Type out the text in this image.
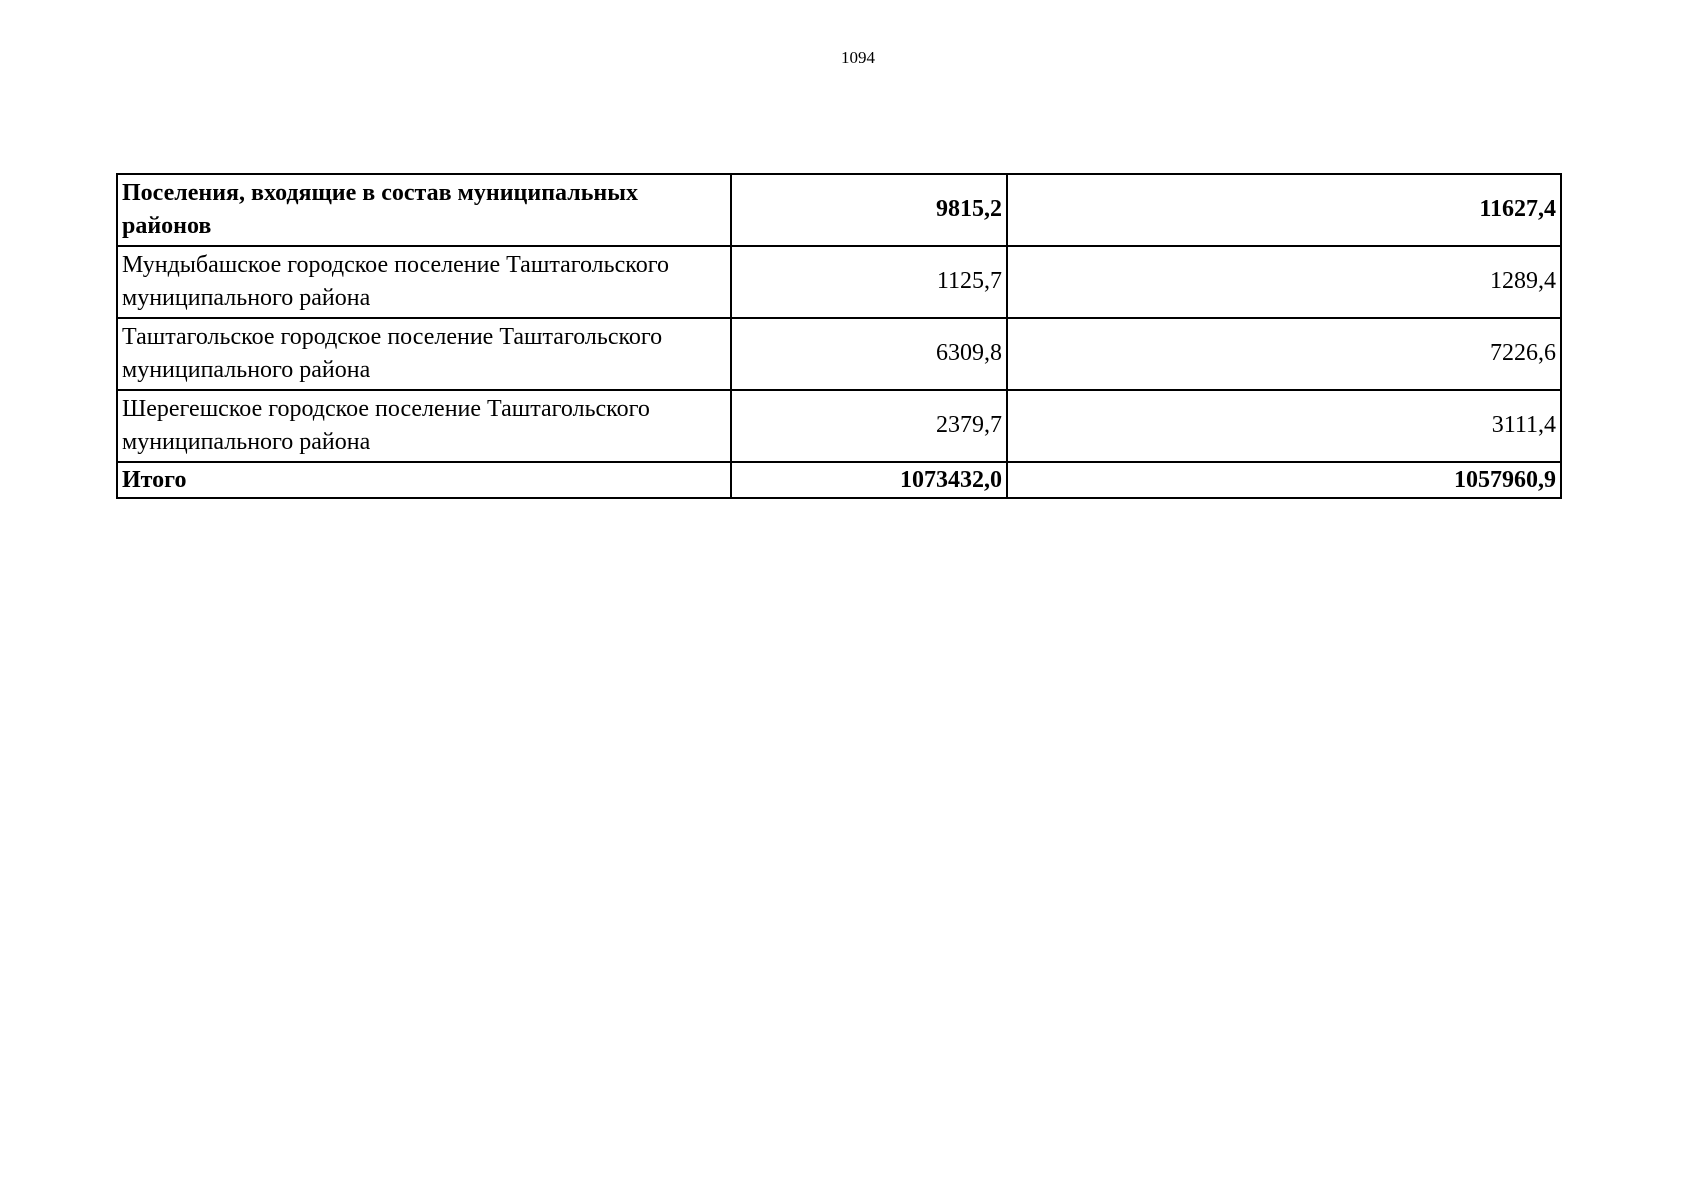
1094
Поселения, входящие в состав муниципальных районов	9815,2	11627,4
Мундыбашское городское поселение Таштагольского муниципального района	1125,7	1289,4
Таштагольское городское поселение Таштагольского муниципального района	6309,8	7226,6
Шерегешское городское поселение Таштагольского муниципального района	2379,7	3111,4
Итого	1073432,0	1057960,9
